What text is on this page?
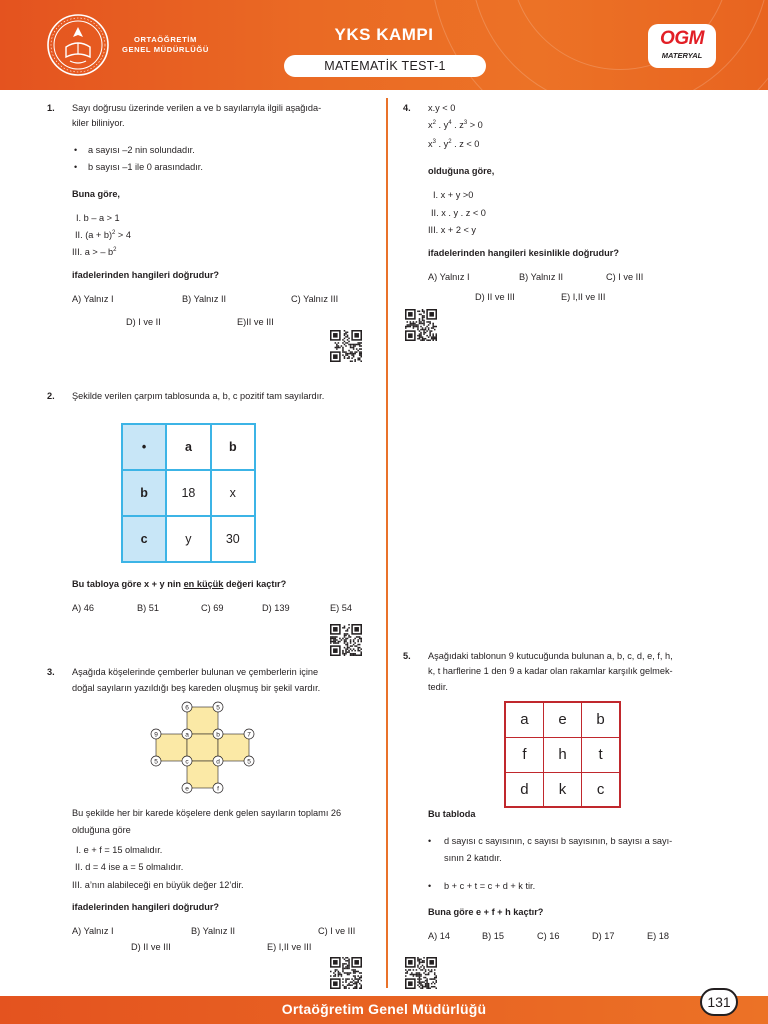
ORTAÖĞRETİM
GENEL MÜDÜRLÜĞÜ
YKS KAMPI
MATEMATİK TEST-1
OGM
MATERYAL
1. Sayı doğrusu üzerinde verilen a ve b sayılarıyla ilgili aşağıda-
kiler biliniyor.
• a sayısı –2 nin solundadır.
• b sayısı –1 ile 0 arasındadır.
Buna göre,
I. b – a > 1
II. $(a + b)^2 > 4$
III. a > – $b^2$
ifadelerinden hangileri doğrudur?
A) Yalnız I	B) Yalnız II	C) Yalnız III
D) I ve II	E)II ve III
2. Şekilde verilen çarpım tablosunda a, b, c pozitif tam sayılardır.
•	a	b
b	18	x
c	y	30
Bu tabloya göre x + y nin en küçük değeri kaçtır?
A) 46	B) 51	C) 69	D) 139	E) 54
3. Aşağıda köşelerinde çemberler bulunan ve çemberlerin içine
doğal sayıların yazıldığı beş kareden oluşmuş bir şekil vardır.
6	5
9	a	b	7
5	c	d	5
e	f
Bu şekilde her bir karede köşelere denk gelen sayıların toplamı 26
olduğuna göre
I. e + f = 15 olmalıdır.
II. d = 4 ise a = 5 olmalıdır.
III. a’nın alabileceği en büyük değer 12’dir.
ifadelerinden hangileri doğrudur?
A) Yalnız I	B) Yalnız II	C) I ve III
D) II ve III	E) I,II ve III
4. x.y < 0
$x^2$ . $y^4$ . $z^3 > 0$
$x^3$ . $y^2$ . z < 0
olduğuna göre,
I. x + y >0
II. x . y . z < 0
III. x + 2 < y
ifadelerinden hangileri kesinlikle doğrudur?
A) Yalnız I	B) Yalnız II	C) I ve III
D) II ve III	E) I,II ve III
5. Aşağıdaki tablonun 9 kutucuğunda bulunan a, b, c, d, e, f, h,
k, t harflerine 1 den 9 a kadar olan rakamlar karşılık gelmek-
tedir.
a	e	b
f	h	t
d	k	c
Bu tabloda
• d sayısı c sayısının, c sayısı b sayısının, b sayısı a sayı-
sının 2 katıdır.
• b + c + t = c + d + k tir.
Buna göre e + f + h kaçtır?
A) 14	B) 15	C) 16	D) 17	E) 18
Ortaöğretim Genel Müdürlüğü	131
